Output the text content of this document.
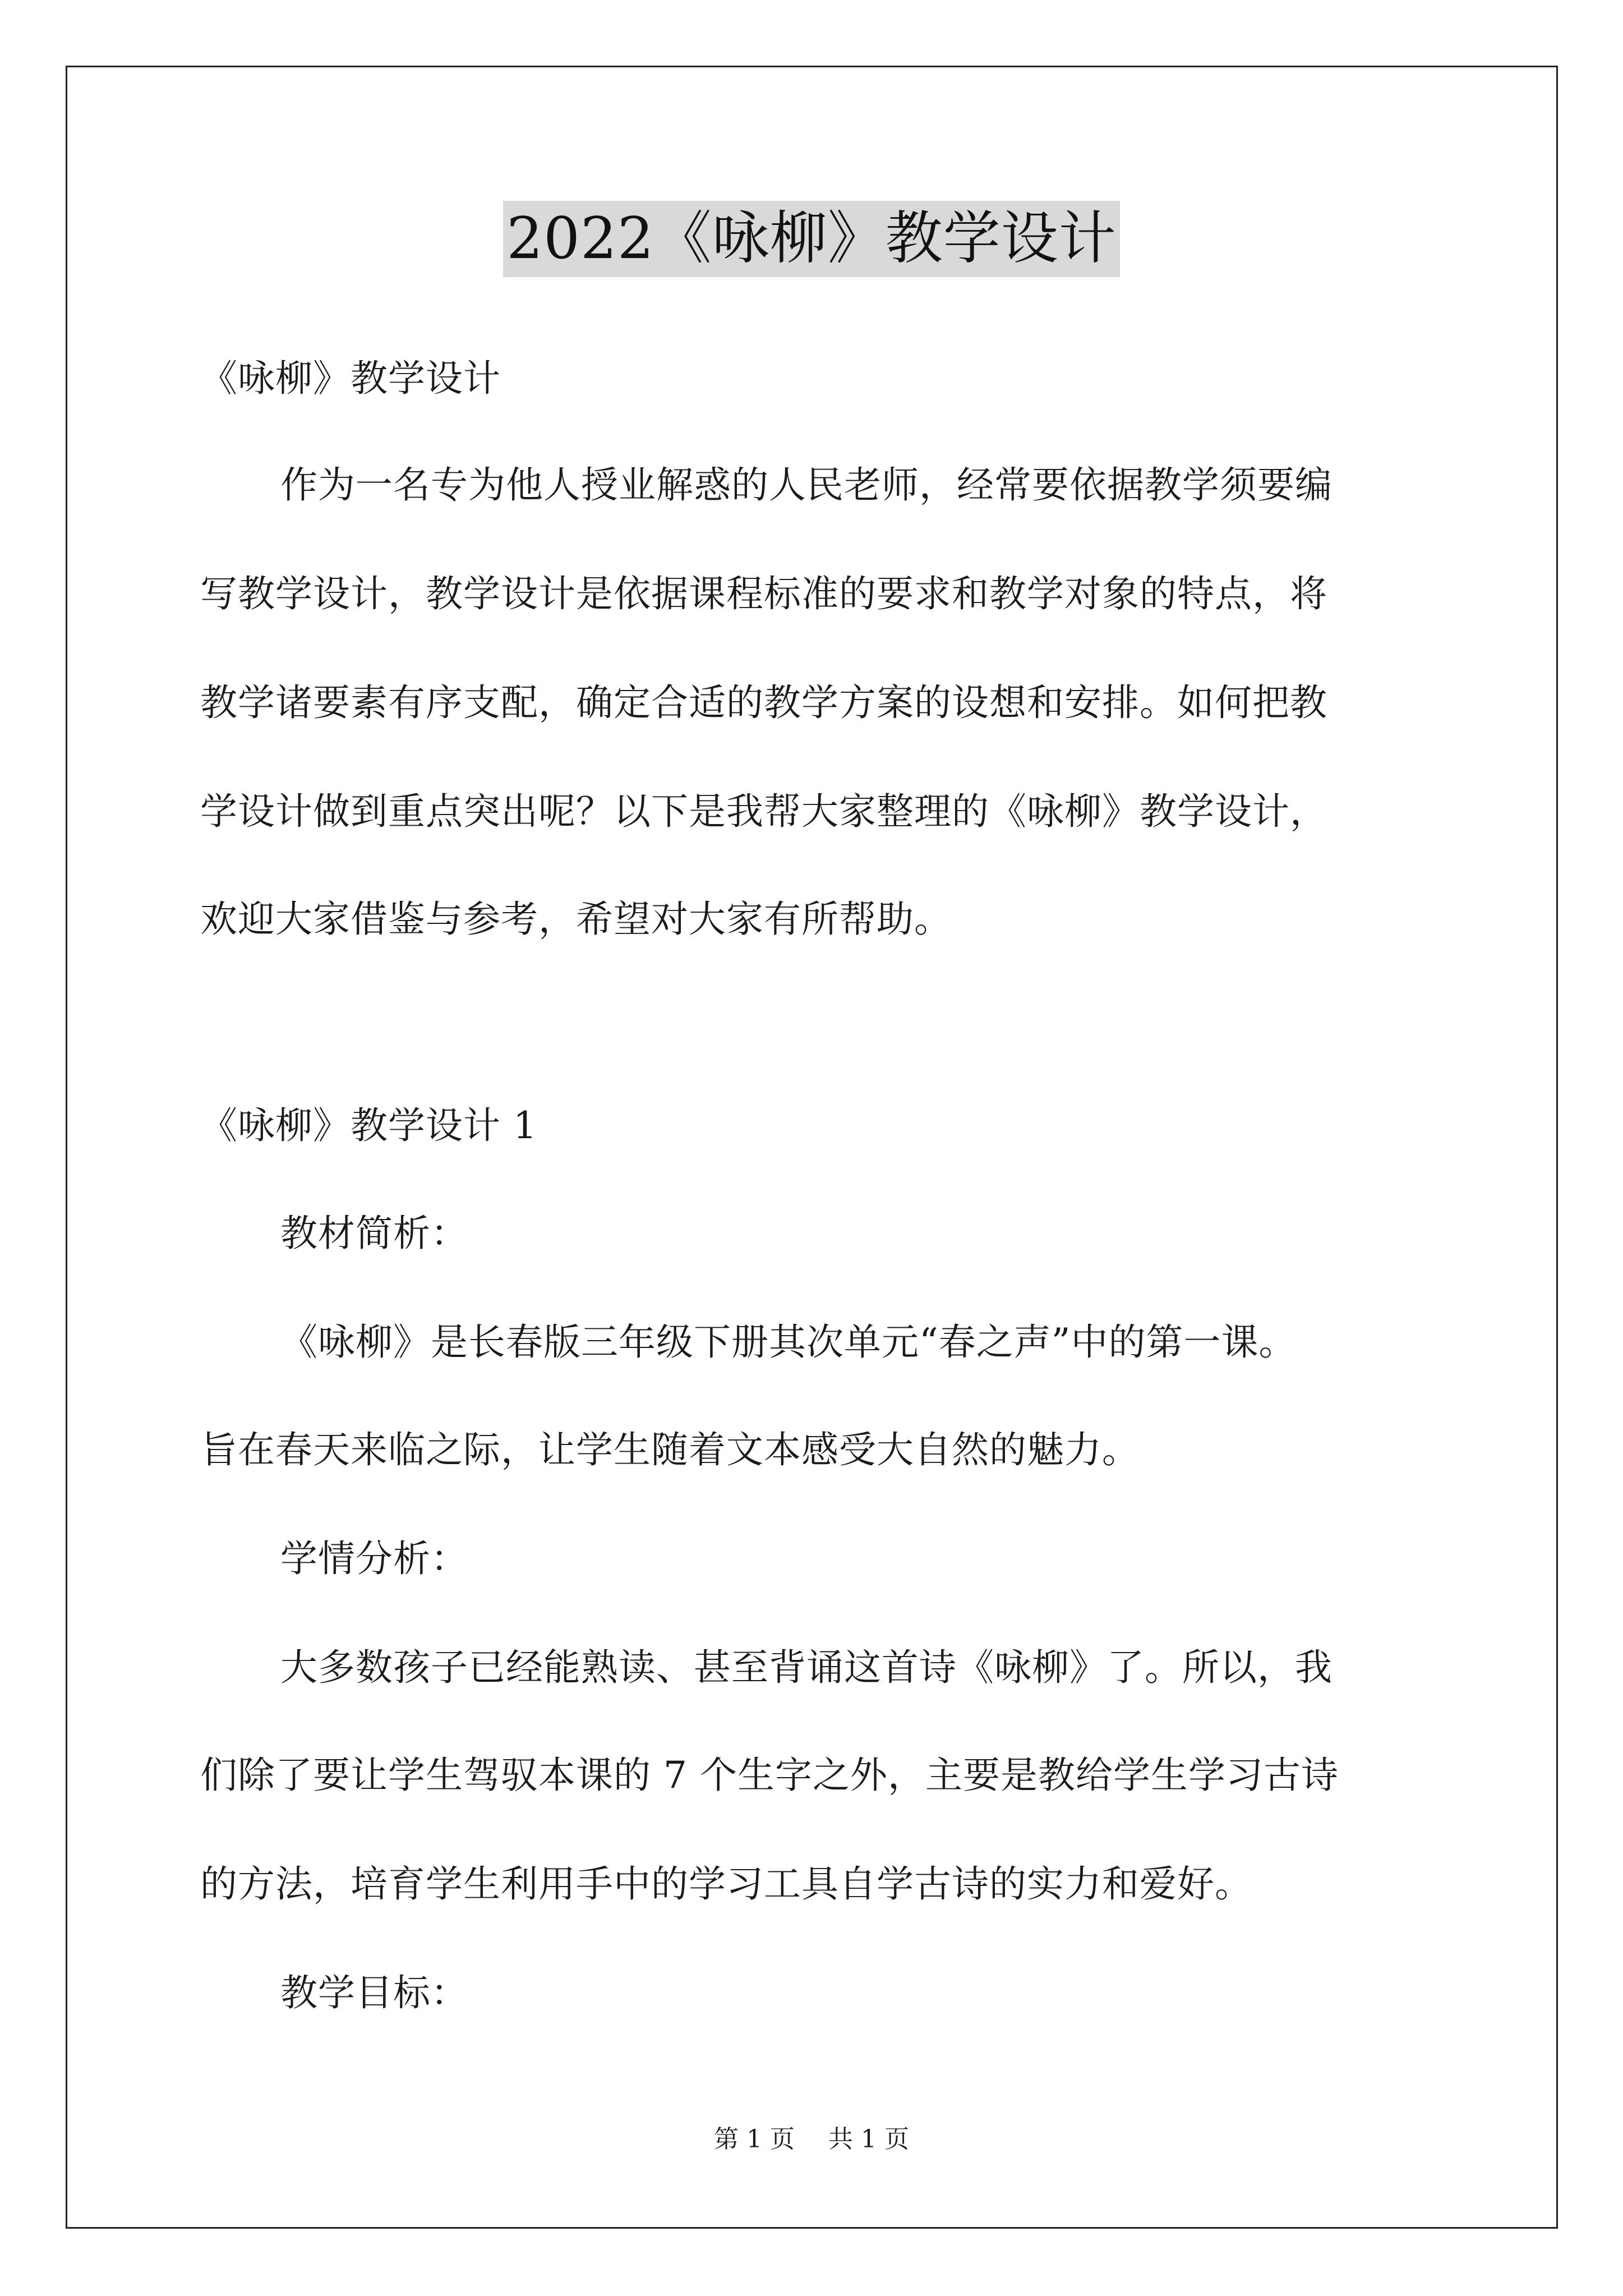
2022《咏柳》教学设计
《咏柳》教学设计
作为一名专为他人授业解惑的人民老师，经常要依据教学须要编
写教学设计，教学设计是依据课程标准的要求和教学对象的特点，将
教学诸要素有序支配，确定合适的教学方案的设想和安排。如何把教
学设计做到重点突出呢？以下是我帮大家整理的《咏柳》教学设计，
欢迎大家借鉴与参考，希望对大家有所帮助。
《咏柳》教学设计 1
教材简析：
《咏柳》是长春版三年级下册其次单元“春之声”中的第一课。
旨在春天来临之际，让学生随着文本感受大自然的魅力。
学情分析：
大多数孩子已经能熟读、甚至背诵这首诗《咏柳》了。所以，我
们除了要让学生驾驭本课的 7 个生字之外，主要是教给学生学习古诗
的方法，培育学生利用手中的学习工具自学古诗的实力和爱好。
教学目标：
第 1 页 共 1 页
